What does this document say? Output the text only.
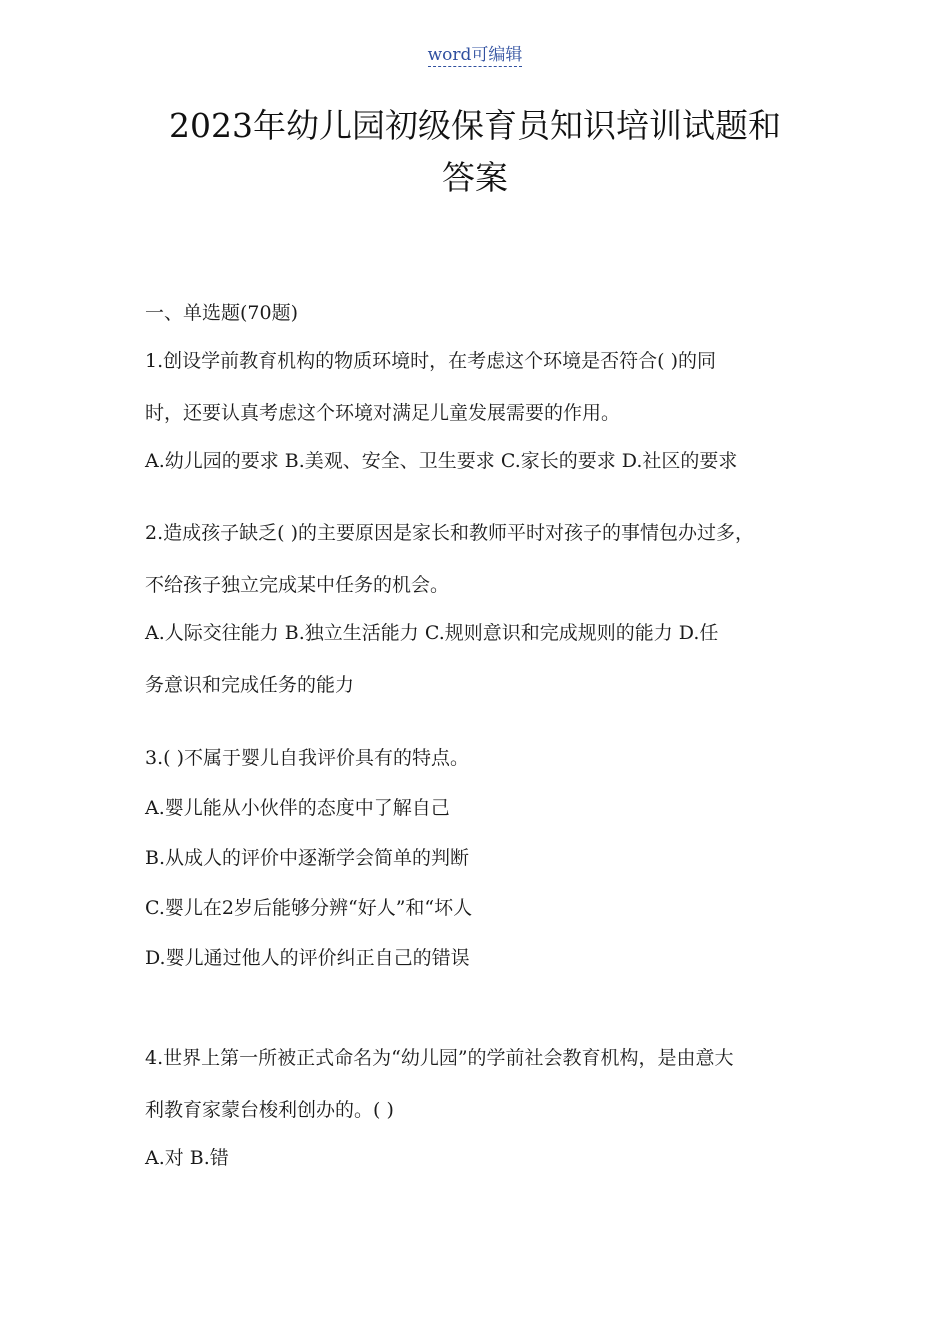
word可编辑
2023年幼儿园初级保育员知识培训试题和
答案
一、单选题(70题)
1.创设学前教育机构的物质环境时，在考虑这个环境是否符合( )的同
时，还要认真考虑这个环境对满足儿童发展需要的作用。
A.幼儿园的要求 B.美观、安全、卫生要求 C.家长的要求 D.社区的要求
2.造成孩子缺乏( )的主要原因是家长和教师平时对孩子的事情包办过多，
不给孩子独立完成某中任务的机会。
A.人际交往能力 B.独立生活能力 C.规则意识和完成规则的能力 D.任
务意识和完成任务的能力
3.( )不属于婴儿自我评价具有的特点。
A.婴儿能从小伙伴的态度中了解自己
B.从成人的评价中逐渐学会简单的判断
C.婴儿在2岁后能够分辨“好人”和“坏人
D.婴儿通过他人的评价纠正自己的错误
4.世界上第一所被正式命名为“幼儿园”的学前社会教育机构，是由意大
利教育家蒙台梭利创办的。( )
A.对 B.错
